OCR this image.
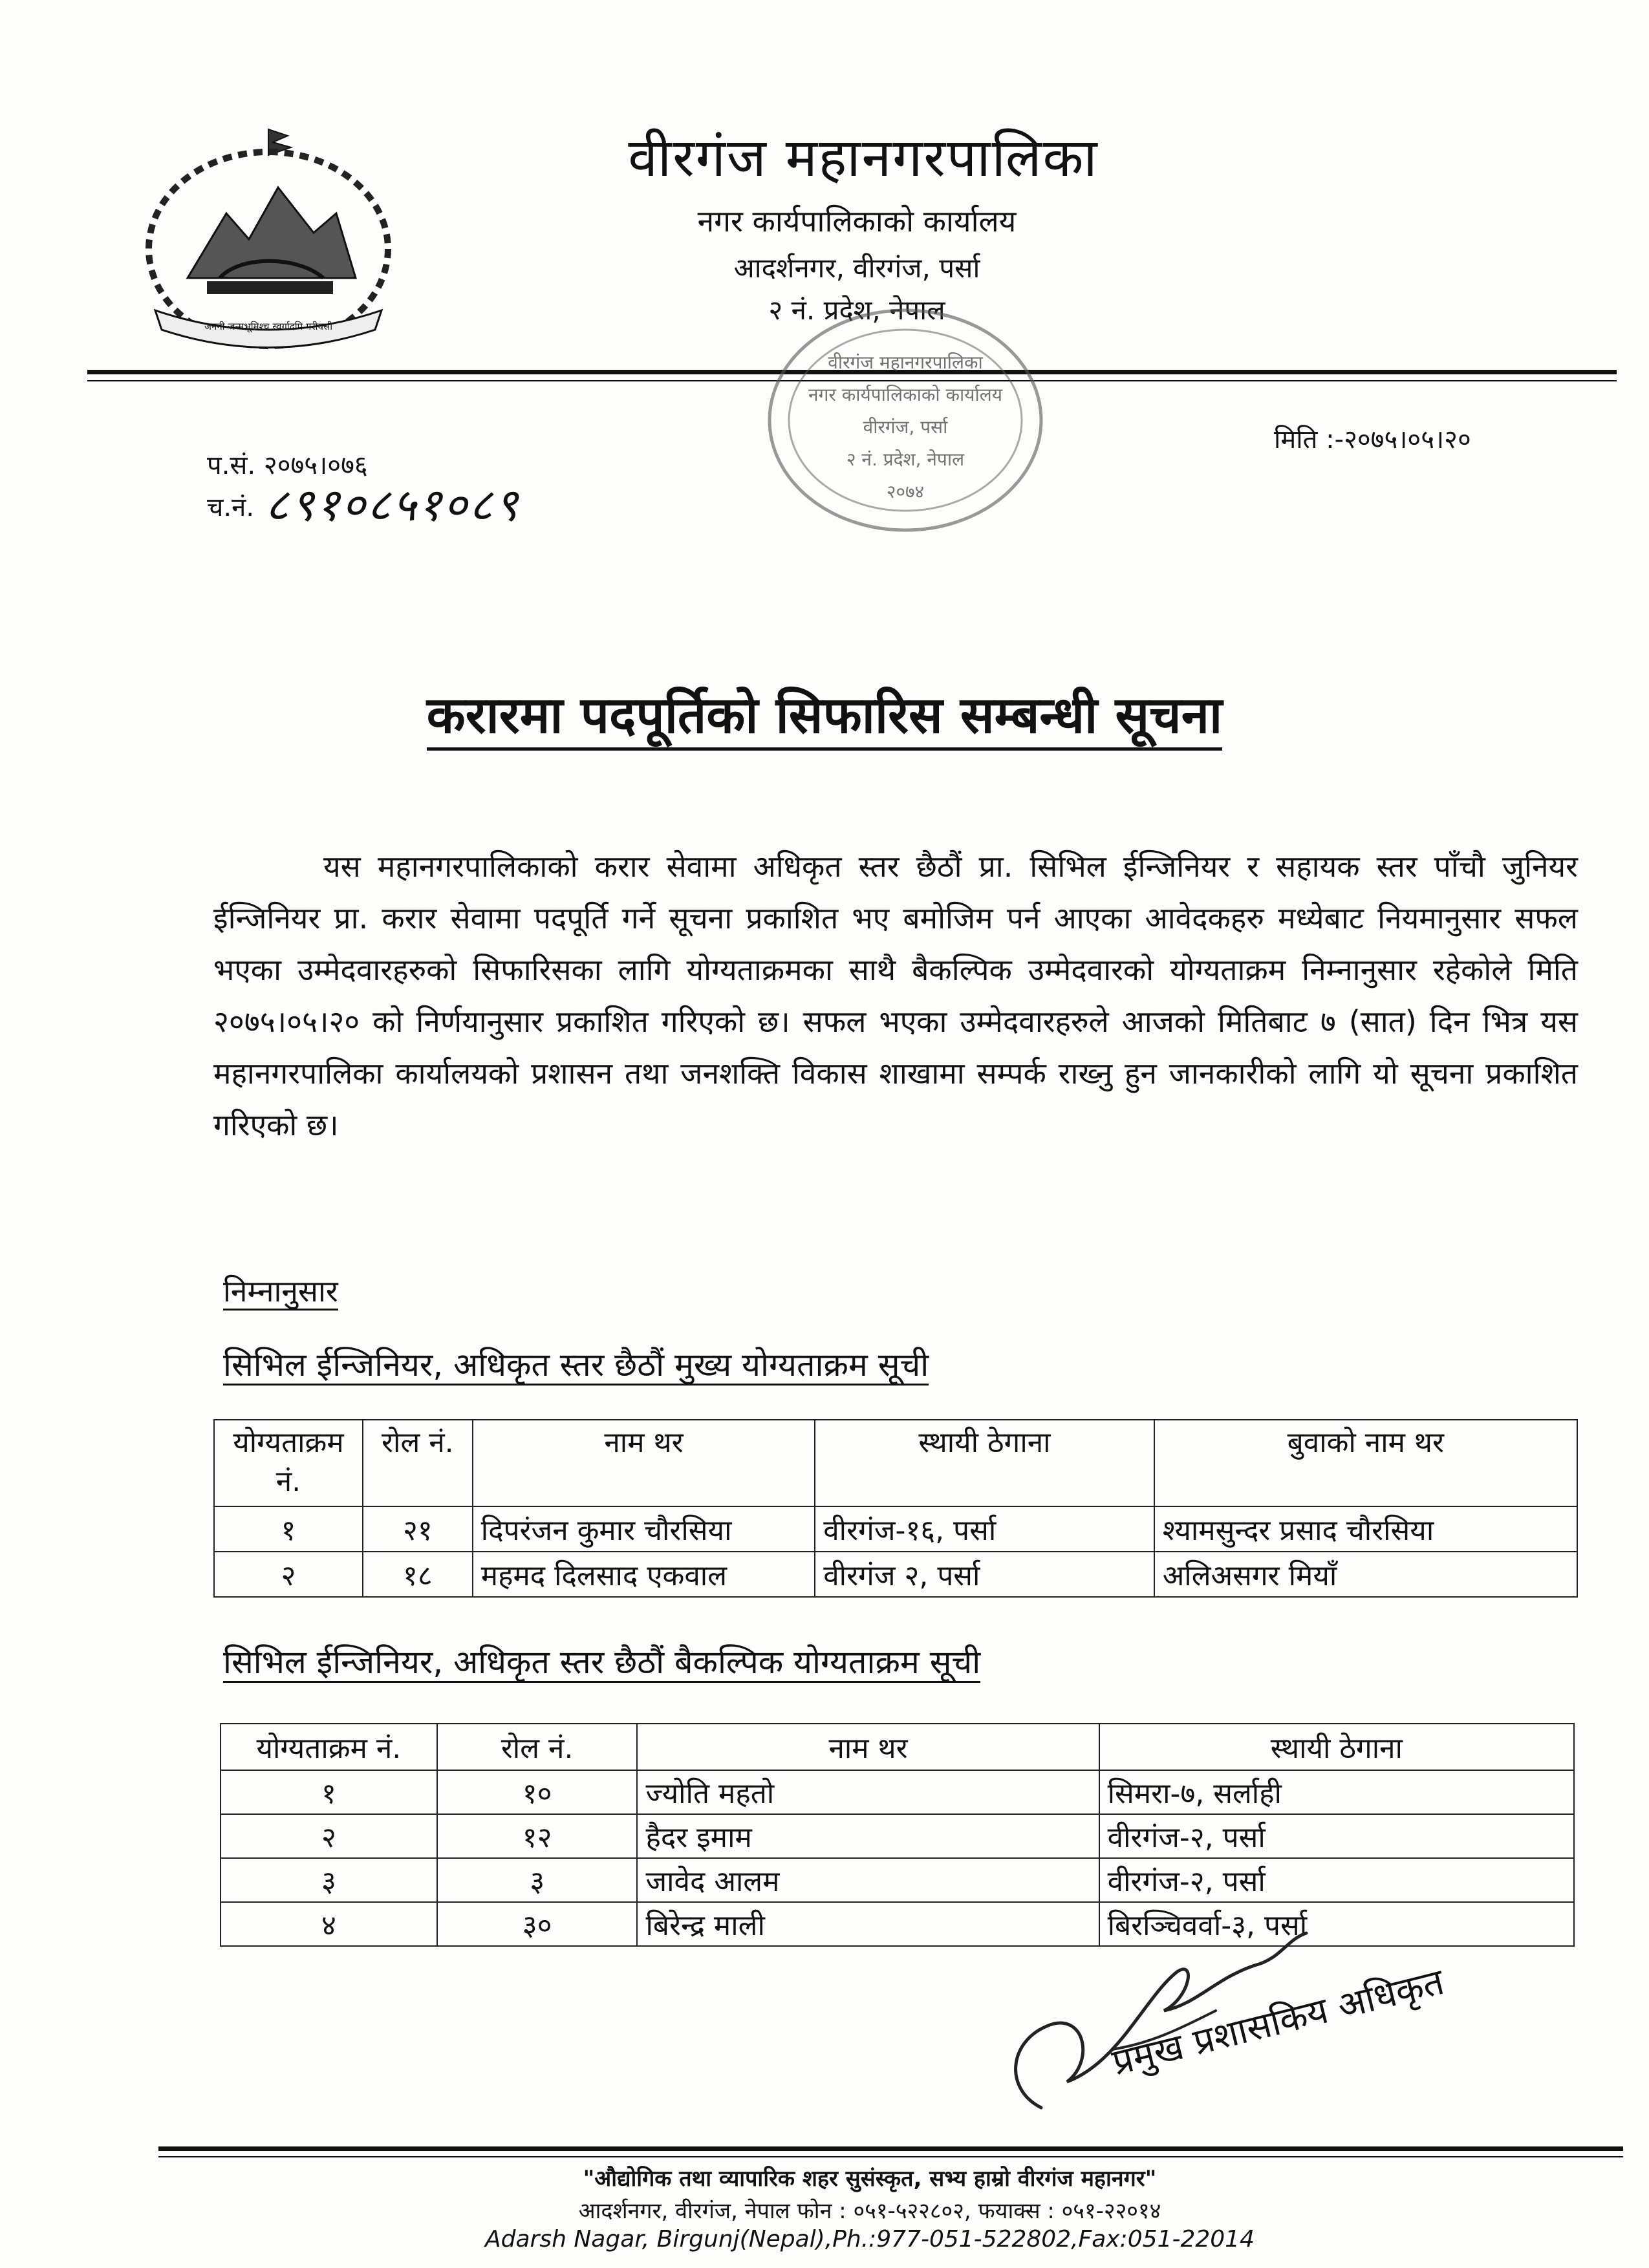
जननी जन्मभूमिश्च स्वर्गादपि गरीयसी
वीरगंज महानगरपालिका
नगर कार्यपालिकाको कार्यालय
आदर्शनगर, वीरगंज, पर्सा
२ नं. प्रदेश, नेपाल
वीरगंज महानगरपालिका
नगर कार्यपालिकाको कार्यालय
वीरगंज, पर्सा
२ नं. प्रदेश, नेपाल
२०७४
प.सं. २०७५।०७६
च.नं. ८९१०८५१०८९
मिति :-२०७५।०५।२०
करारमा पदपूर्तिको सिफारिस सम्बन्धी सूचना
यस महानगरपालिकाको करार सेवामा अधिकृत स्तर छैठौं प्रा. सिभिल ईन्जिनियर र सहायक स्तर पाँचौ जुनियर ईन्जिनियर प्रा. करार सेवामा पदपूर्ति गर्ने सूचना प्रकाशित भए बमोजिम पर्न आएका आवेदकहरु मध्येबाट नियमानुसार सफल भएका उम्मेदवारहरुको सिफारिसका लागि योग्यताक्रमका साथै बैकल्पिक उम्मेदवारको योग्यताक्रम निम्नानुसार रहेकोले मिति २०७५।०५।२० को निर्णयानुसार प्रकाशित गरिएको छ। सफल भएका उम्मेदवारहरुले आजको मितिबाट ७ (सात) दिन भित्र यस महानगरपालिका कार्यालयको प्रशासन तथा जनशक्ति विकास शाखामा सम्पर्क राख्नु हुन जानकारीको लागि यो सूचना प्रकाशित गरिएको छ।
निम्नानुसार
सिभिल ईन्जिनियर, अधिकृत स्तर छैठौं मुख्य योग्यताक्रम सूची
योग्यताक्रम नं.	रोल नं.	नाम थर	स्थायी ठेगाना	बुवाको नाम थर
१	२१	दिपरंजन कुमार चौरसिया	वीरगंज-१६, पर्सा	श्यामसुन्दर प्रसाद चौरसिया
२	१८	महमद दिलसाद एकवाल	वीरगंज २, पर्सा	अलिअसगर मियाँ
सिभिल ईन्जिनियर, अधिकृत स्तर छैठौं बैकल्पिक योग्यताक्रम सूची
योग्यताक्रम नं.	रोल नं.	नाम थर	स्थायी ठेगाना
१	१०	ज्योति महतो	सिमरा-७, सर्लाही
२	१२	हैदर इमाम	वीरगंज-२, पर्सा
३	३	जावेद आलम	वीरगंज-२, पर्सा
४	३०	बिरेन्द्र माली	बिरञ्चिवर्वा-३, पर्सा
प्रमुख प्रशासकिय अधिकृत
"औद्योगिक तथा व्यापारिक शहर सुसंस्कृत, सभ्य हाम्रो वीरगंज महानगर"
आदर्शनगर, वीरगंज, नेपाल फोन : ०५१-५२२८०२, फयाक्स : ०५१-२२०१४
Adarsh Nagar, Birgunj(Nepal),Ph.:977-051-522802,Fax:051-22014
